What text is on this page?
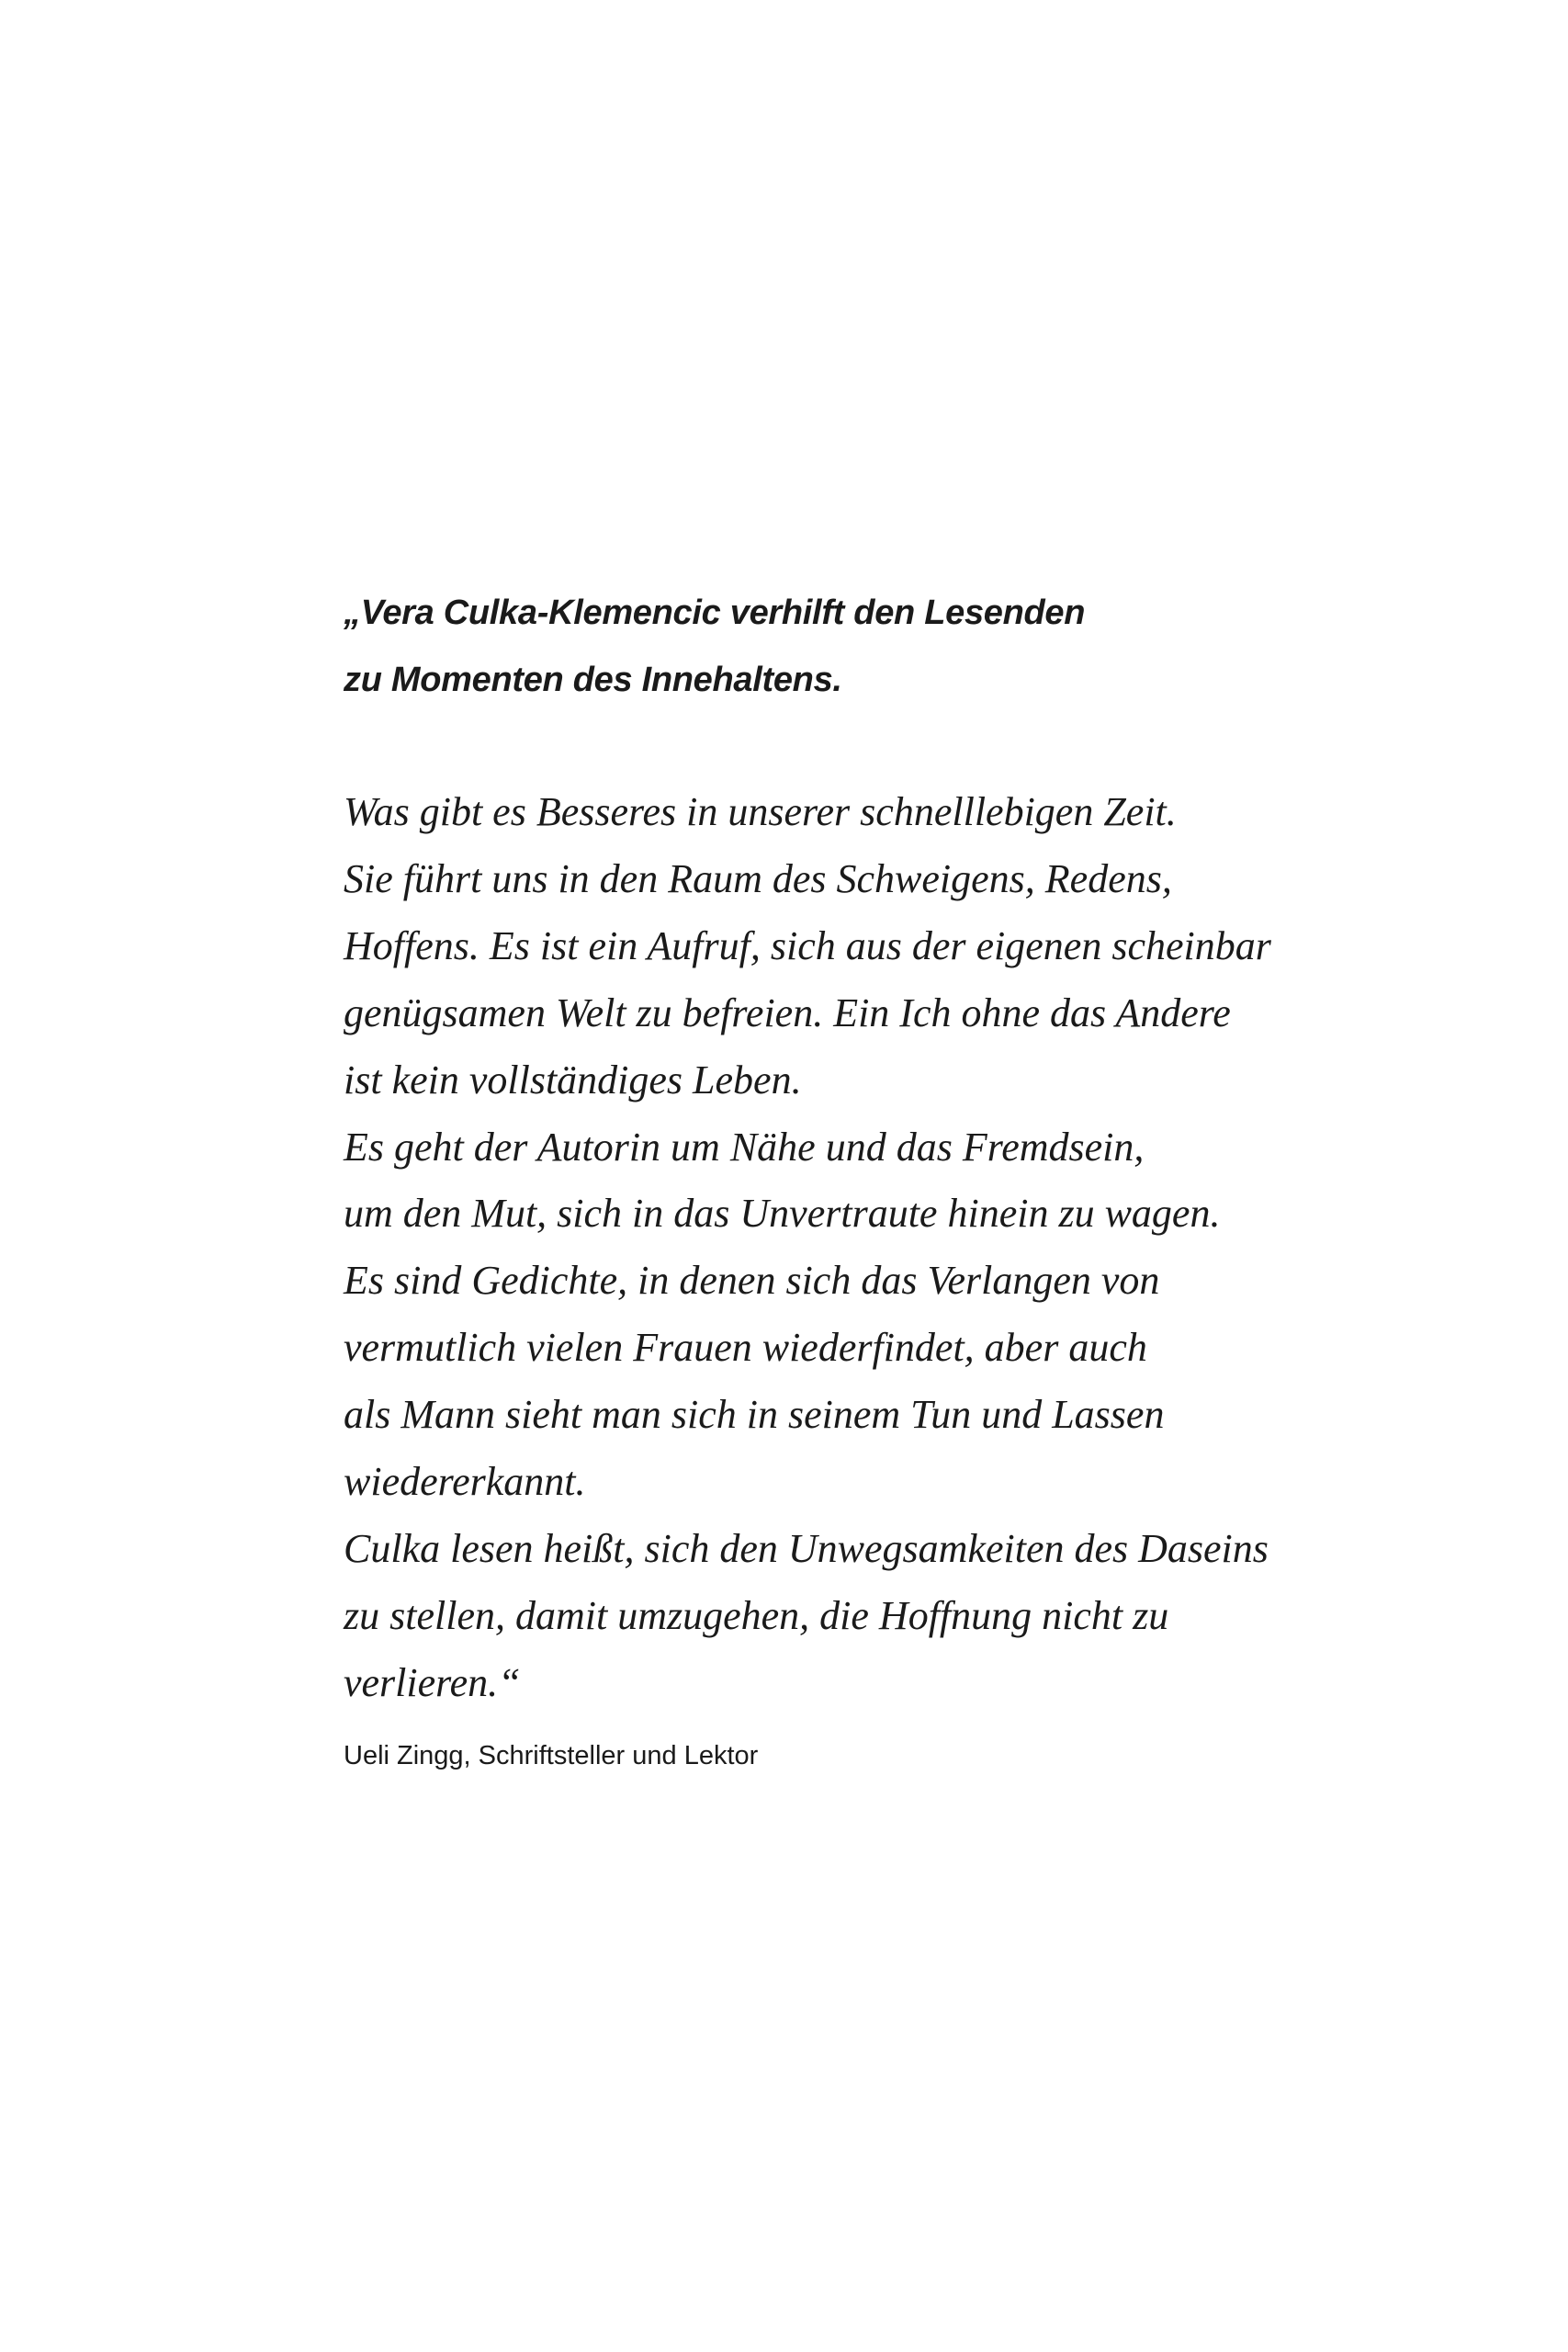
„Vera Culka-Klemencic verhilft den Lesenden
zu Momenten des Innehaltens.

Was gibt es Besseres in unserer schnelllebigen Zeit.
Sie führt uns in den Raum des Schweigens, Redens,
Hoffens. Es ist ein Aufruf, sich aus der eigenen scheinbar
genügsamen Welt zu befreien. Ein Ich ohne das Andere
ist kein vollständiges Leben.
Es geht der Autorin um Nähe und das Fremdsein,
um den Mut, sich in das Unvertraute hinein zu wagen.
Es sind Gedichte, in denen sich das Verlangen von
vermutlich vielen Frauen wiederfindet, aber auch
als Mann sieht man sich in seinem Tun und Lassen
wiedererkannt.
Culka lesen heißt, sich den Unwegsamkeiten des Daseins
zu stellen, damit umzugehen, die Hoffnung nicht zu
verlieren.“

Ueli Zingg, Schriftsteller und Lektor
